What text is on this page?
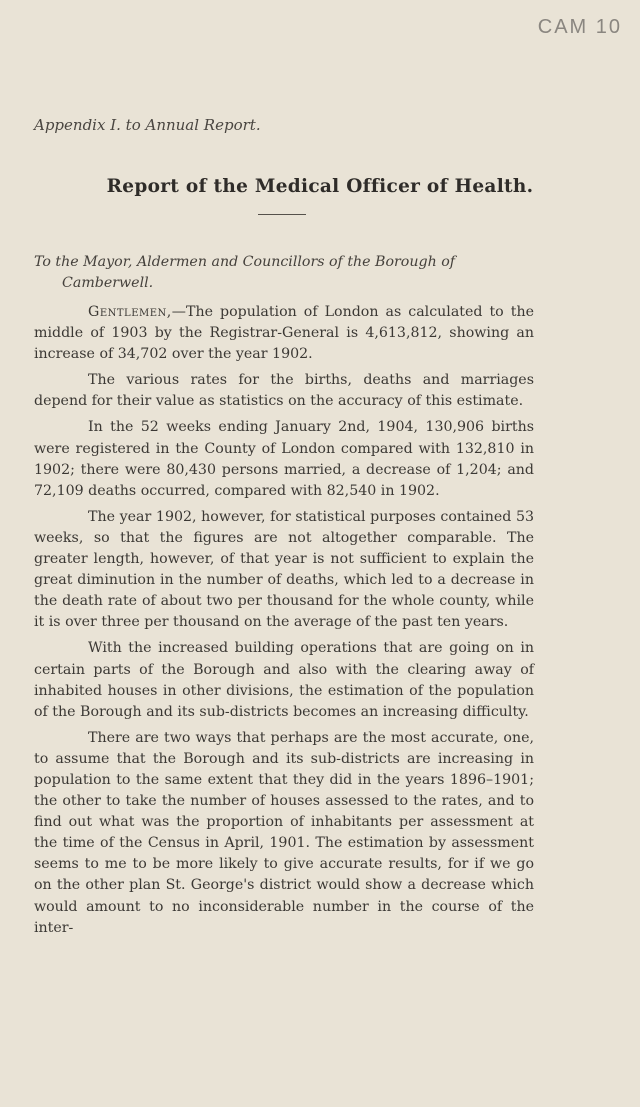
CAM 10
Appendix I. to Annual Report.
Report of the Medical Officer of Health.
To the Mayor, Aldermen and Councillors of the Borough of
Camberwell.

Gentlemen,—The population of London as calculated to the middle of 1903 by the Registrar-General is 4,613,812, showing an increase of 34,702 over the year 1902.

The various rates for the births, deaths and marriages depend for their value as statistics on the accuracy of this estimate.

In the 52 weeks ending January 2nd, 1904, 130,906 births were registered in the County of London compared with 132,810 in 1902; there were 80,430 persons married, a decrease of 1,204; and 72,109 deaths occurred, compared with 82,540 in 1902.

The year 1902, however, for statistical purposes contained 53 weeks, so that the figures are not altogether comparable. The greater length, however, of that year is not sufficient to explain the great diminution in the number of deaths, which led to a decrease in the death rate of about two per thousand for the whole county, while it is over three per thousand on the average of the past ten years.

With the increased building operations that are going on in certain parts of the Borough and also with the clearing away of inhabited houses in other divisions, the estimation of the population of the Borough and its sub-districts becomes an increasing difficulty.

There are two ways that perhaps are the most accurate, one, to assume that the Borough and its sub-districts are increasing in population to the same extent that they did in the years 1896–1901; the other to take the number of houses assessed to the rates, and to find out what was the proportion of inhabitants per assessment at the time of the Census in April, 1901. The estimation by assessment seems to me to be more likely to give accurate results, for if we go on the other plan St. George's district would show a decrease which would amount to no inconsiderable number in the course of the inter-
